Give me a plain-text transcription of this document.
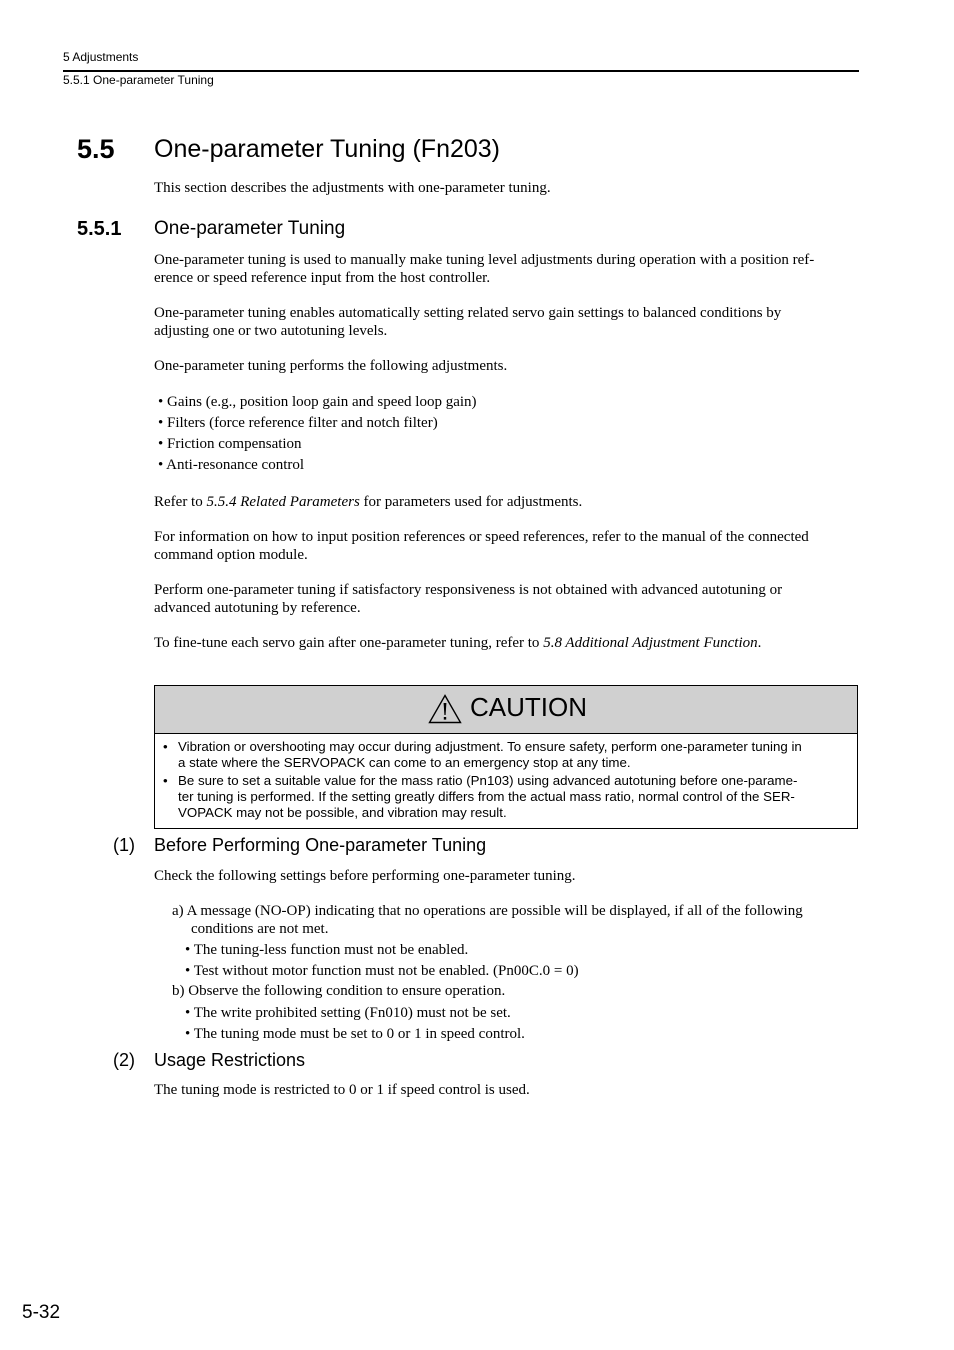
5 Adjustments
5.5.1 One-parameter Tuning
5.5 One-parameter Tuning (Fn203)
This section describes the adjustments with one-parameter tuning.
5.5.1 One-parameter Tuning
One-parameter tuning is used to manually make tuning level adjustments during operation with a position ref-
erence or speed reference input from the host controller.
One-parameter tuning enables automatically setting related servo gain settings to balanced conditions by
adjusting one or two autotuning levels.
One-parameter tuning performs the following adjustments.
• Gains (e.g., position loop gain and speed loop gain)
• Filters (force reference filter and notch filter)
• Friction compensation
• Anti-resonance control
Refer to 5.5.4 Related Parameters for parameters used for adjustments.
For information on how to input position references or speed references, refer to the manual of the connected
command option module.
Perform one-parameter tuning if satisfactory responsiveness is not obtained with advanced autotuning or
advanced autotuning by reference.
To fine-tune each servo gain after one-parameter tuning, refer to 5.8 Additional Adjustment Function.
CAUTION
• Vibration or overshooting may occur during adjustment. To ensure safety, perform one-parameter tuning in
a state where the SERVOPACK can come to an emergency stop at any time.
• Be sure to set a suitable value for the mass ratio (Pn103) using advanced autotuning before one-parame-
ter tuning is performed. If the setting greatly differs from the actual mass ratio, normal control of the SER-
VOPACK may not be possible, and vibration may result.
(1) Before Performing One-parameter Tuning
Check the following settings before performing one-parameter tuning.
a) A message (NO-OP) indicating that no operations are possible will be displayed, if all of the following
conditions are not met.
• The tuning-less function must not be enabled.
• Test without motor function must not be enabled. (Pn00C.0 = 0)
b) Observe the following condition to ensure operation.
• The write prohibited setting (Fn010) must not be set.
• The tuning mode must be set to 0 or 1 in speed control.
(2) Usage Restrictions
The tuning mode is restricted to 0 or 1 if speed control is used.
5-32
